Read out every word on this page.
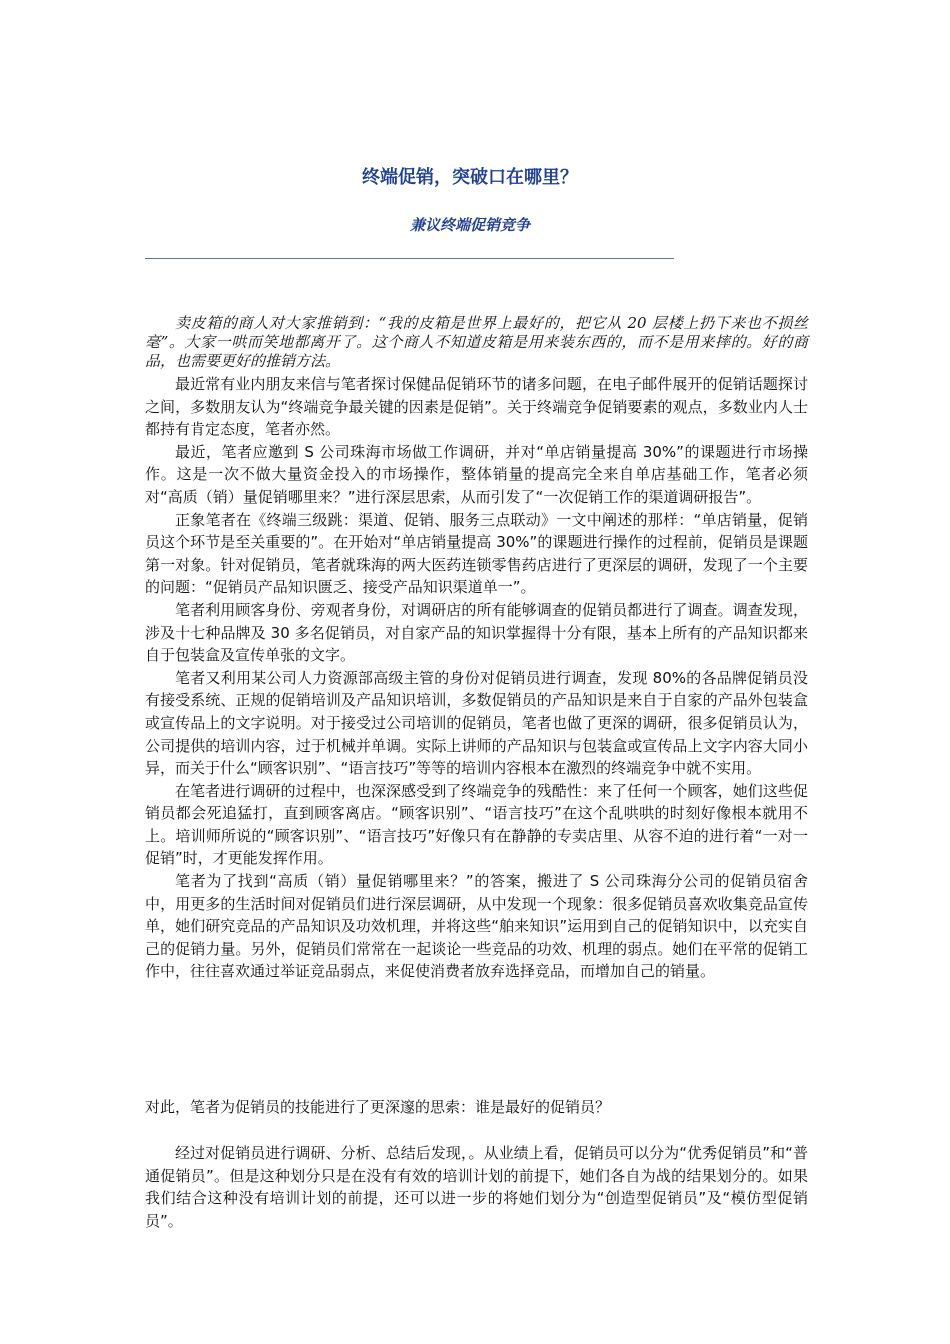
终端促销，突破口在哪里？
兼议终端促销竞争

卖皮箱的商人对大家推销到：“我的皮箱是世界上最好的，把它从 20 层楼上扔下来也不损丝毫”。大家一哄而笑地都离开了。这个商人不知道皮箱是用来装东西的，而不是用来摔的。好的商品，也需要更好的推销方法。

最近常有业内朋友来信与笔者探讨保健品促销环节的诸多问题，在电子邮件展开的促销话题探讨之间，多数朋友认为“终端竞争最关键的因素是促销”。关于终端竞争促销要素的观点，多数业内人士都持有肯定态度，笔者亦然。

最近，笔者应邀到 S 公司珠海市场做工作调研，并对“单店销量提高 30%”的课题进行市场操作。这是一次不做大量资金投入的市场操作，整体销量的提高完全来自单店基础工作，笔者必须对“高质（销）量促销哪里来？”进行深层思索，从而引发了“一次促销工作的渠道调研报告”。

正象笔者在《终端三级跳：渠道、促销、服务三点联动》一文中阐述的那样：“单店销量，促销员这个环节是至关重要的”。在开始对“单店销量提高 30%”的课题进行操作的过程前，促销员是课题第一对象。针对促销员，笔者就珠海的两大医药连锁零售药店进行了更深层的调研，发现了一个主要的问题：“促销员产品知识匮乏、接受产品知识渠道单一”。

笔者利用顾客身份、旁观者身份，对调研店的所有能够调查的促销员都进行了调查。调查发现，涉及十七种品牌及 30 多名促销员，对自家产品的知识掌握得十分有限，基本上所有的产品知识都来自于包装盒及宣传单张的文字。

笔者又利用某公司人力资源部高级主管的身份对促销员进行调查，发现 80%的各品牌促销员没有接受系统、正规的促销培训及产品知识培训，多数促销员的产品知识是来自于自家的产品外包装盒或宣传品上的文字说明。对于接受过公司培训的促销员，笔者也做了更深的调研，很多促销员认为，公司提供的培训内容，过于机械并单调。实际上讲师的产品知识与包装盒或宣传品上文字内容大同小异，而关于什么“顾客识别”、“语言技巧”等等的培训内容根本在激烈的终端竞争中就不实用。

在笔者进行调研的过程中，也深深感受到了终端竞争的残酷性：来了任何一个顾客，她们这些促销员都会死追猛打，直到顾客离店。“顾客识别”、“语言技巧”在这个乱哄哄的时刻好像根本就用不上。培训师所说的“顾客识别”、“语言技巧”好像只有在静静的专卖店里、从容不迫的进行着“一对一促销”时，才更能发挥作用。

笔者为了找到“高质（销）量促销哪里来？”的答案，搬进了 S 公司珠海分公司的促销员宿舍中，用更多的生活时间对促销员们进行深层调研，从中发现一个现象：很多促销员喜欢收集竞品宣传单，她们研究竞品的产品知识及功效机理，并将这些“舶来知识”运用到自己的促销知识中，以充实自己的促销力量。另外，促销员们常常在一起谈论一些竞品的功效、机理的弱点。她们在平常的促销工作中，往往喜欢通过举证竞品弱点，来促使消费者放弃选择竞品，而增加自己的销量。

对此，笔者为促销员的技能进行了更深邃的思索：谁是最好的促销员？

经过对促销员进行调研、分析、总结后发现，。从业绩上看，促销员可以分为“优秀促销员”和“普通促销员”。但是这种划分只是在没有有效的培训计划的前提下，她们各自为战的结果划分的。如果我们结合这种没有培训计划的前提，还可以进一步的将她们划分为“创造型促销员”及“模仿型促销员”。
